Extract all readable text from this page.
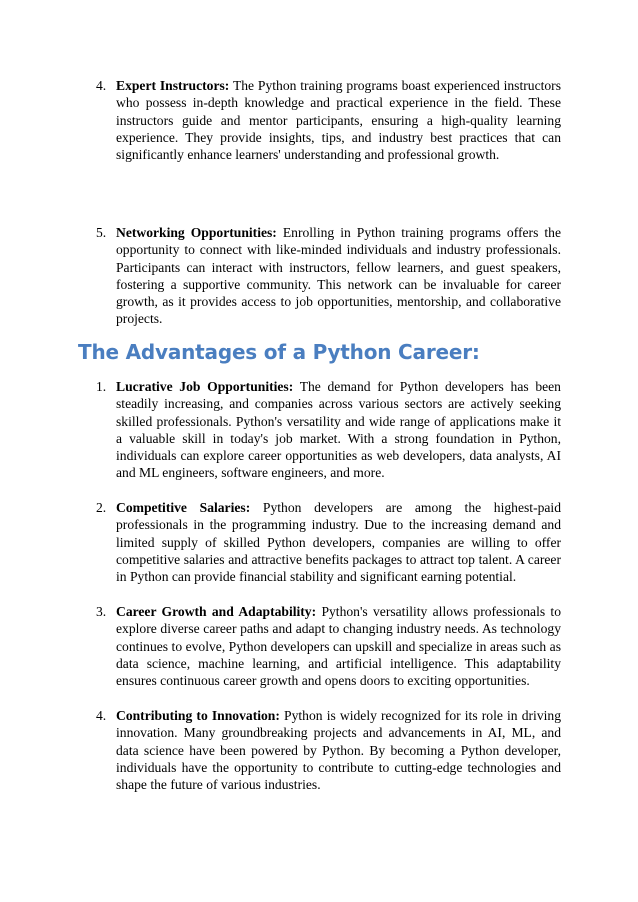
4. Expert Instructors: The Python training programs boast experienced instructors who possess in-depth knowledge and practical experience in the field. These instructors guide and mentor participants, ensuring a high-quality learning experience. They provide insights, tips, and industry best practices that can significantly enhance learners' understanding and professional growth.

5. Networking Opportunities: Enrolling in Python training programs offers the opportunity to connect with like-minded individuals and industry professionals. Participants can interact with instructors, fellow learners, and guest speakers, fostering a supportive community. This network can be invaluable for career growth, as it provides access to job opportunities, mentorship, and collaborative projects.

The Advantages of a Python Career:
1. Lucrative Job Opportunities: The demand for Python developers has been steadily increasing, and companies across various sectors are actively seeking skilled professionals. Python's versatility and wide range of applications make it a valuable skill in today's job market. With a strong foundation in Python, individuals can explore career opportunities as web developers, data analysts, AI and ML engineers, software engineers, and more.

2. Competitive Salaries: Python developers are among the highest-paid professionals in the programming industry. Due to the increasing demand and limited supply of skilled Python developers, companies are willing to offer competitive salaries and attractive benefits packages to attract top talent. A career in Python can provide financial stability and significant earning potential.

3. Career Growth and Adaptability: Python's versatility allows professionals to explore diverse career paths and adapt to changing industry needs. As technology continues to evolve, Python developers can upskill and specialize in areas such as data science, machine learning, and artificial intelligence. This adaptability ensures continuous career growth and opens doors to exciting opportunities.

4. Contributing to Innovation: Python is widely recognized for its role in driving innovation. Many groundbreaking projects and advancements in AI, ML, and data science have been powered by Python. By becoming a Python developer, individuals have the opportunity to contribute to cutting-edge technologies and shape the future of various industries.
